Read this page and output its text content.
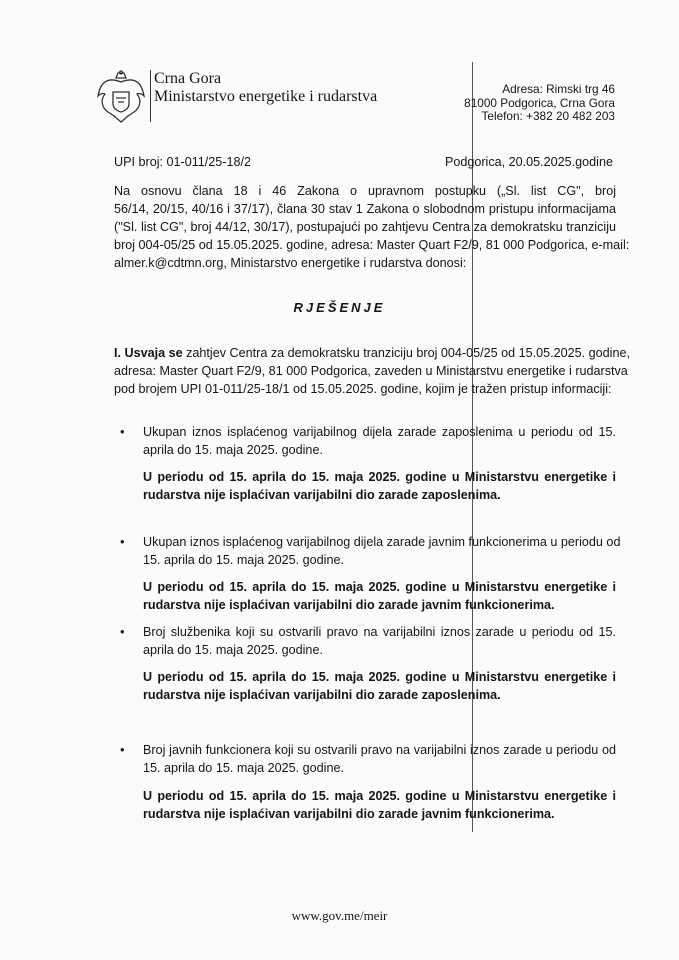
Crna Gora
Ministarstvo energetike i rudarstva	Adresa: Rimski trg 46
81000 Podgorica, Crna Gora
Telefon: +382 20 482 203
UPI broj: 01-011/25-18/2	Podgorica, 20.05.2025.godine
Na osnovu člana 18 i 46 Zakona o upravnom postupku („Sl. list CG", broj
56/14, 20/15, 40/16 i 37/17), člana 30 stav 1 Zakona o slobodnom pristupu informacijama
("Sl. list CG", broj 44/12, 30/17), postupajući po zahtjevu Centra za demokratsku tranziciju
broj 004-05/25 od 15.05.2025. godine, adresa: Master Quart F2/9, 81 000 Podgorica, e-mail:
almer.k@cdtmn.org, Ministarstvo energetike i rudarstva donosi:
RJEŠENJE
I. Usvaja se zahtjev Centra za demokratsku tranziciju broj 004-05/25 od 15.05.2025. godine,
adresa: Master Quart F2/9, 81 000 Podgorica, zaveden u Ministarstvu energetike i rudarstva
pod brojem UPI 01-011/25-18/1 od 15.05.2025. godine, kojim je tražen pristup informaciji:
• Ukupan iznos isplaćenog varijabilnog dijela zarade zaposlenima u periodu od 15.
aprila do 15. maja 2025. godine.
U periodu od 15. aprila do 15. maja 2025. godine u Ministarstvu energetike i
rudarstva nije isplaćivan varijabilni dio zarade zaposlenima.
• Ukupan iznos isplaćenog varijabilnog dijela zarade javnim funkcionerima u periodu od
15. aprila do 15. maja 2025. godine.
U periodu od 15. aprila do 15. maja 2025. godine u Ministarstvu energetike i
rudarstva nije isplaćivan varijabilni dio zarade javnim funkcionerima.
• Broj službenika koji su ostvarili pravo na varijabilni iznos zarade u periodu od 15.
aprila do 15. maja 2025. godine.
U periodu od 15. aprila do 15. maja 2025. godine u Ministarstvu energetike i
rudarstva nije isplaćivan varijabilni dio zarade zaposlenima.
• Broj javnih funkcionera koji su ostvarili pravo na varijabilni iznos zarade u periodu od
15. aprila do 15. maja 2025. godine.
U periodu od 15. aprila do 15. maja 2025. godine u Ministarstvu energetike i
rudarstva nije isplaćivan varijabilni dio zarade javnim funkcionerima.
www.gov.me/meir
